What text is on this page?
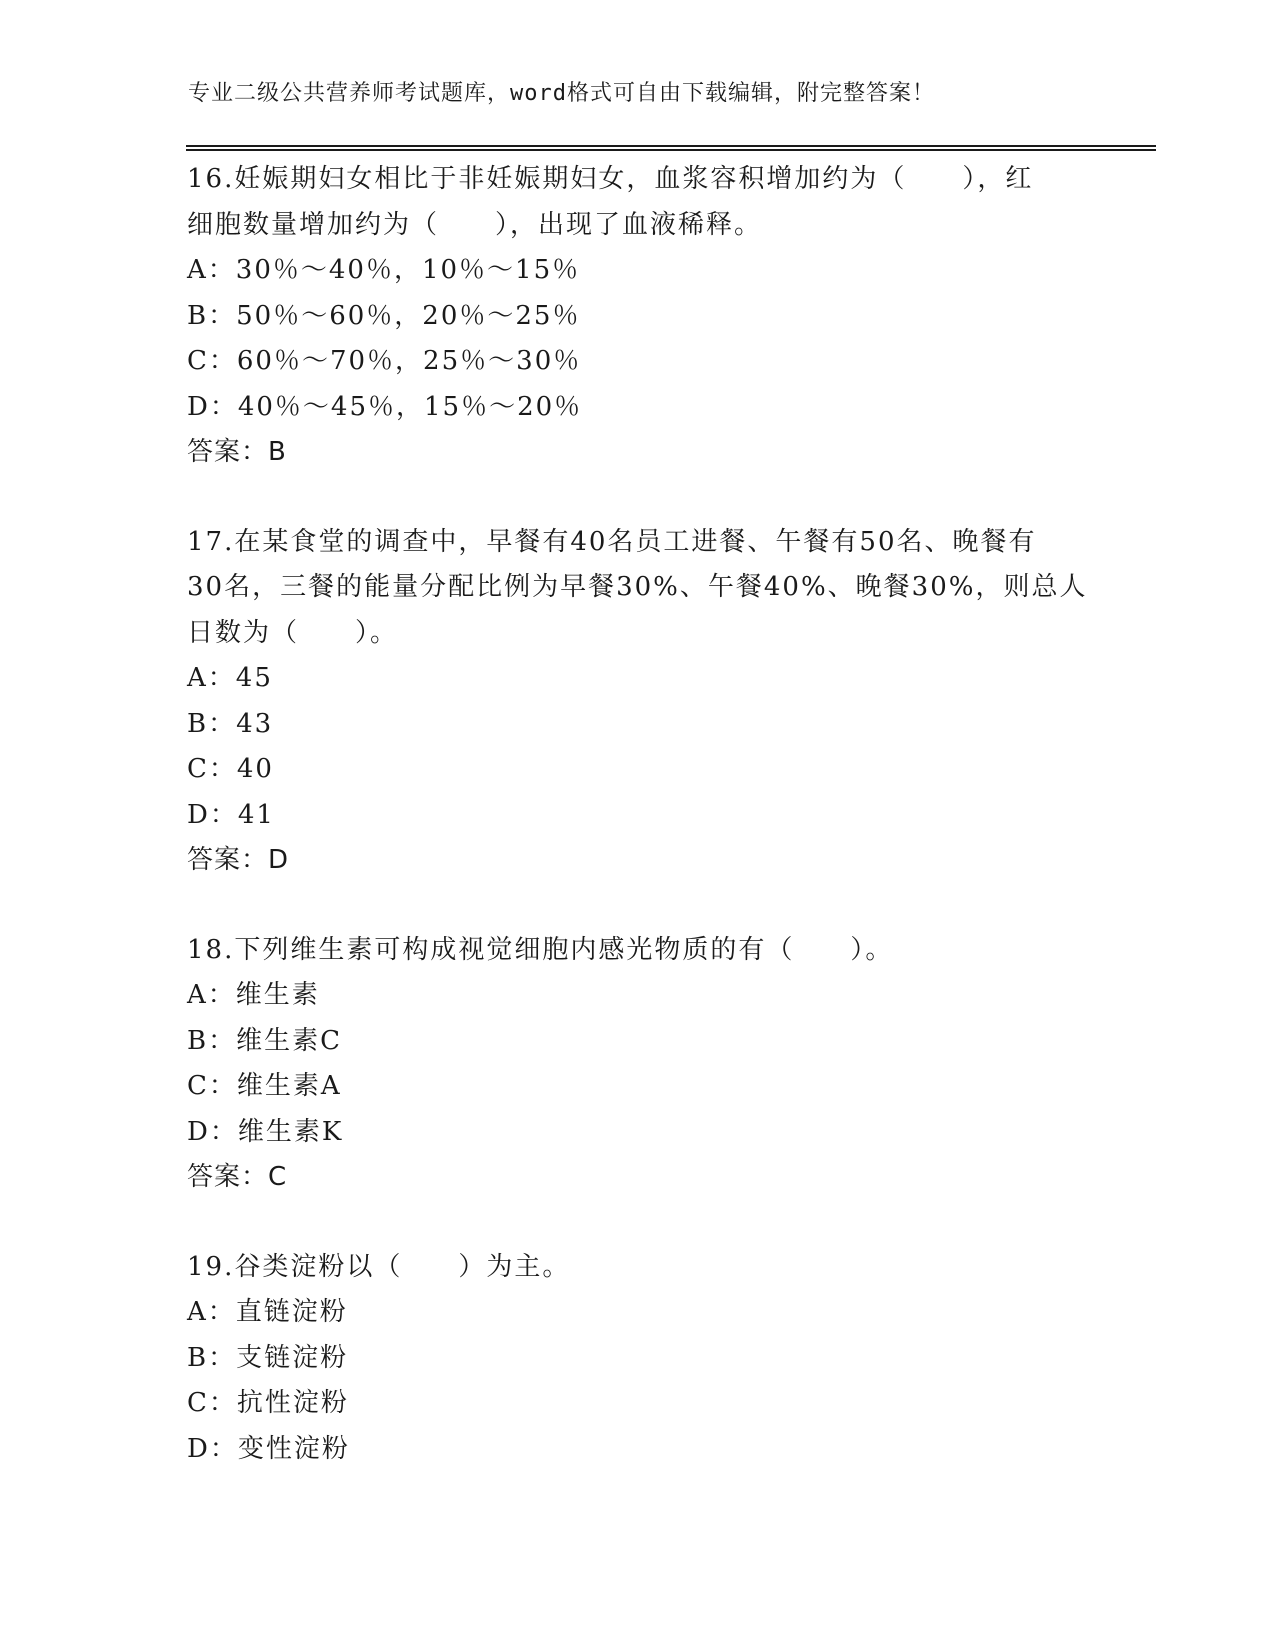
专业二级公共营养师考试题库，word格式可自由下载编辑，附完整答案！
16.妊娠期妇女相比于非妊娠期妇女，血浆容积增加约为（　　），红
细胞数量增加约为（　　），出现了血液稀释。
A：30％～40％，10％～15％
B：50％～60％，20％～25％
C：60％～70％，25％～30％
D：40％～45％，15％～20％
答案：B
17.在某食堂的调查中，早餐有40名员工进餐、午餐有50名、晚餐有
30名，三餐的能量分配比例为早餐30%、午餐40%、晚餐30%，则总人
日数为（　　）。
A：45
B：43
C：40
D：41
答案：D
18.下列维生素可构成视觉细胞内感光物质的有（　　）。
A：维生素
B：维生素C
C：维生素A
D：维生素K
答案：C
19.谷类淀粉以（　　）为主。
A：直链淀粉
B：支链淀粉
C：抗性淀粉
D：变性淀粉
